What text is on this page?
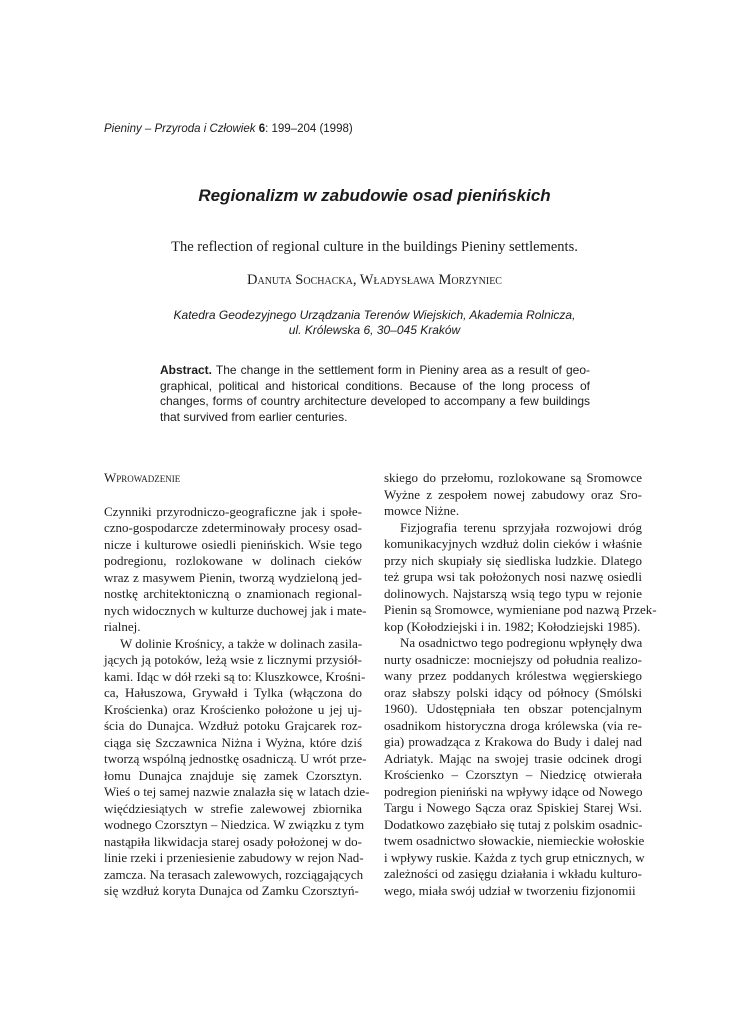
Pieniny – Przyroda i Człowiek 6: 199–204 (1998)
Regionalizm w zabudowie osad pienińskich
The reflection of regional culture in the buildings Pieniny settlements.
Danuta Sochacka, Władysława Morzyniec
Katedra Geodezyjnego Urządzania Terenów Wiejskich, Akademia Rolnicza,
ul. Królewska 6, 30–045 Kraków
Abstract. The change in the settlement form in Pieniny area as a result of geo-
graphical, political and historical conditions. Because of the long process of
changes, forms of country architecture developed to accompany a few buildings
that survived from earlier centuries.
Wprowadzenie
Czynniki przyrodniczo-geograficzne jak i społe-
czno-gospodarcze zdeterminowały procesy osad-
nicze i kulturowe osiedli pienińskich. Wsie tego
podregionu, rozlokowane w dolinach cieków
wraz z masywem Pienin, tworzą wydzieloną jed-
nostkę architektoniczną o znamionach regional-
nych widocznych w kulturze duchowej jak i mate-
rialnej.
W dolinie Krośnicy, a także w dolinach zasila-
jących ją potoków, leżą wsie z licznymi przysiół-
kami. Idąc w dół rzeki są to: Kluszkowce, Krośni-
ca, Hałuszowa, Grywałd i Tylka (włączona do
Krościenka) oraz Krościenko położone u jej uj-
ścia do Dunajca. Wzdłuż potoku Grajcarek roz-
ciąga się Szczawnica Niżna i Wyżna, które dziś
tworzą wspólną jednostkę osadniczą. U wrót prze-
łomu Dunajca znajduje się zamek Czorsztyn.
Wieś o tej samej nazwie znalazła się w latach dzie-
więćdziesiątych w strefie zalewowej zbiornika
wodnego Czorsztyn – Niedzica. W związku z tym
nastąpiła likwidacja starej osady położonej w do-
linie rzeki i przeniesienie zabudowy w rejon Nad-
zamcza. Na terasach zalewowych, rozciągających
się wzdłuż koryta Dunajca od Zamku Czorsztyń-
skiego do przełomu, rozlokowane są Sromowce
Wyżne z zespołem nowej zabudowy oraz Sro-
mowce Niżne.
Fizjografia terenu sprzyjała rozwojowi dróg
komunikacyjnych wzdłuż dolin cieków i właśnie
przy nich skupiały się siedliska ludzkie. Dlatego
też grupa wsi tak położonych nosi nazwę osiedli
dolinowych. Najstarszą wsią tego typu w rejonie
Pienin są Sromowce, wymieniane pod nazwą Przek-
kop (Kołodziejski i in. 1982; Kołodziejski 1985).
Na osadnictwo tego podregionu wpłynęły dwa
nurty osadnicze: mocniejszy od południa realizo-
wany przez poddanych królestwa węgierskiego
oraz słabszy polski idący od północy (Smólski
1960). Udostępniała ten obszar potencjalnym
osadnikom historyczna droga królewska (via re-
gia) prowadząca z Krakowa do Budy i dalej nad
Adriatyk. Mając na swojej trasie odcinek drogi
Krościenko – Czorsztyn – Niedzicę otwierała
podregion pieniński na wpływy idące od Nowego
Targu i Nowego Sącza oraz Spiskiej Starej Wsi.
Dodatkowo zazębiało się tutaj z polskim osadnic-
twem osadnictwo słowackie, niemieckie wołoskie
i wpływy ruskie. Każda z tych grup etnicznych, w
zależności od zasięgu działania i wkładu kulturo-
wego, miała swój udział w tworzeniu fizjonomii
